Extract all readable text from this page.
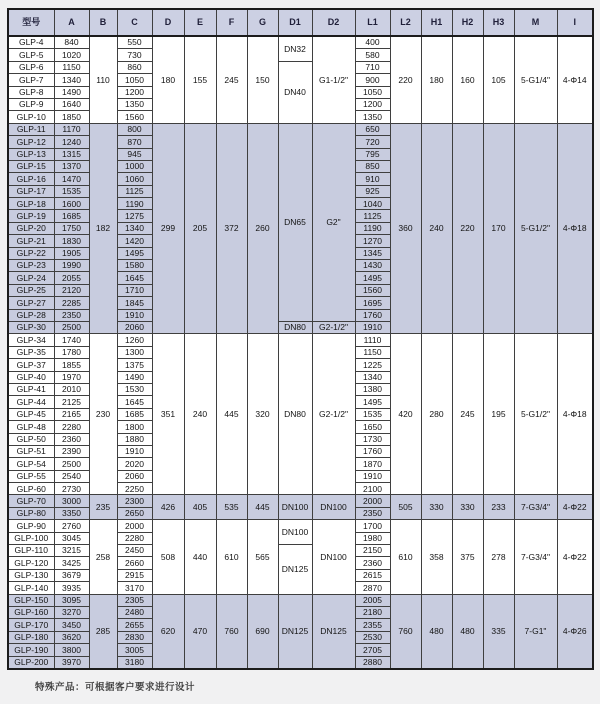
型号	A	B	C	D	E	F	G	D1	D2	L1	L2	H1	H2	H3	M	I
GLP-4	840	110	550	180	155	245	150	DN32	G1-1/2"	400	220	180	160	105	5-G1/4"	4-Φ14
GLP-5	1020		730							580						
GLP-6	1150		860					DN40		710						
GLP-7	1340		1050							900						
GLP-8	1490		1200							1050						
GLP-9	1640		1350							1200						
GLP-10	1850		1560							1350						
GLP-11	1170	182	800	299	205	372	260	DN65	G2"	650	360	240	220	170	5-G1/2"	4-Φ18
GLP-12	1240		870							720						
GLP-13	1315		945							795						
GLP-15	1370		1000							850						
GLP-16	1470		1060							910						
GLP-17	1535		1125							925						
GLP-18	1600		1190							1040						
GLP-19	1685		1275							1125						
GLP-20	1750		1340							1190						
GLP-21	1830		1420							1270						
GLP-22	1905		1495							1345						
GLP-23	1990		1580							1430						
GLP-24	2055		1645							1495						
GLP-25	2120		1710							1560						
GLP-27	2285		1845							1695						
GLP-28	2350		1910							1760						
GLP-30	2500		2060					DN80	G2-1/2"	1910						
GLP-34	1740	230	1260	351	240	445	320	DN80	G2-1/2"	1110	420	280	245	195	5-G1/2"	4-Φ18
GLP-35	1780		1300							1150						
GLP-37	1855		1375							1225						
GLP-40	1970		1490							1340						
GLP-41	2010		1530							1380						
GLP-44	2125		1645							1495						
GLP-45	2165		1685							1535						
GLP-48	2280		1800							1650						
GLP-50	2360		1880							1730						
GLP-51	2390		1910							1760						
GLP-54	2500		2020							1870						
GLP-55	2540		2060							1910						
GLP-60	2730		2250							2100						
GLP-70	3000	235	2300	426	405	535	445	DN100	DN100	2000	505	330	330	233	7-G3/4"	4-Φ22
GLP-80	3350		2650							2350						
GLP-90	2760	258	2000	508	440	610	565	DN100	DN100	1700	610	358	375	278	7-G3/4"	4-Φ22
GLP-100	3045		2280							1980						
GLP-110	3215		2450					DN125		2150						
GLP-120	3425		2660							2360						
GLP-130	3679		2915							2615						
GLP-140	3935		3170							2870						
GLP-150	3095	285	2305	620	470	760	690	DN125	DN125	2005	760	480	480	335	7-G1"	4-Φ26
GLP-160	3270		2480							2180						
GLP-170	3450		2655							2355						
GLP-180	3620		2830							2530						
GLP-190	3800		3005							2705						
GLP-200	3970		3180							2880						
特殊产品：可根据客户要求进行设计
